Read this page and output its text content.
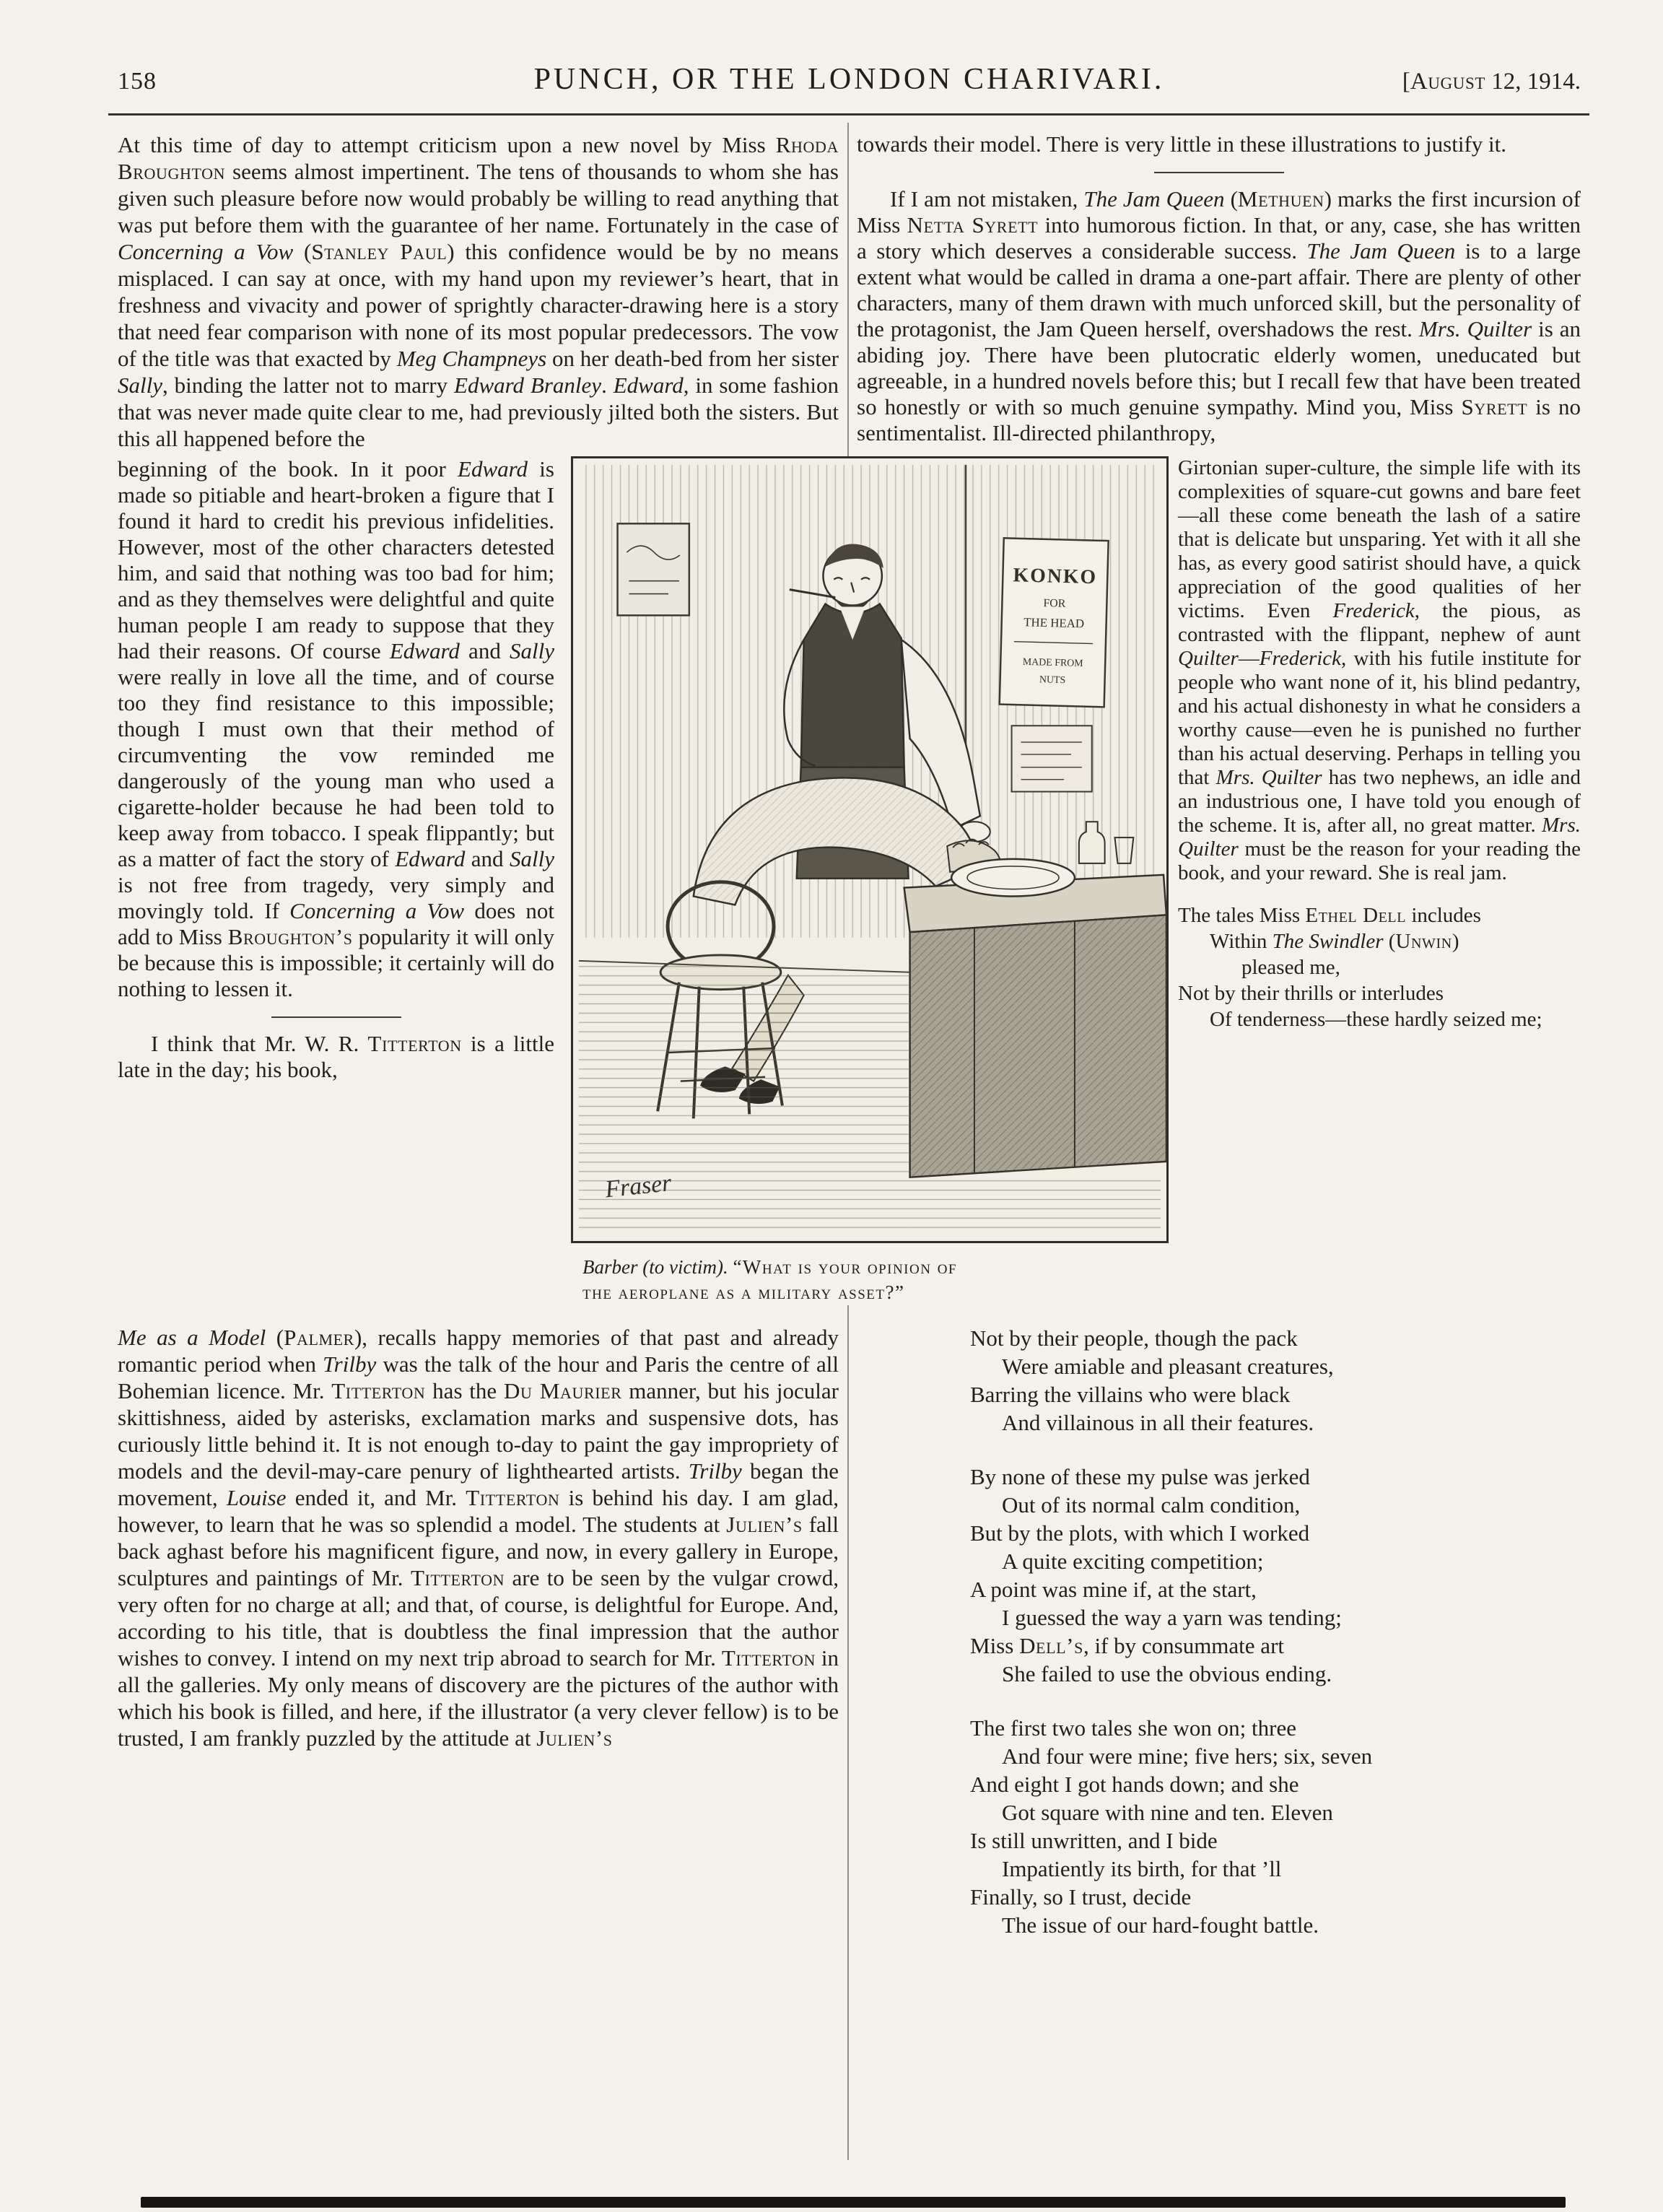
158	PUNCH, OR THE LONDON CHARIVARI.	[August 12, 1914.

At this time of day to attempt criticism upon a new novel by Miss Rhoda Broughton seems almost impertinent. The tens of thousands to whom she has given such pleasure before now would probably be willing to read anything that was put before them with the guarantee of her name. Fortunately in the case of Concerning a Vow (Stanley Paul) this confidence would be by no means misplaced. I can say at once, with my hand upon my reviewer’s heart, that in freshness and vivacity and power of sprightly character-drawing here is a story that need fear comparison with none of its most popular predecessors. The vow of the title was that exacted by Meg Champneys on her death-bed from her sister Sally, binding the latter not to marry Edward Branley. Edward, in some fashion that was never made quite clear to me, had previously jilted both the sisters. But this all happened before the

towards their model. There is very little in these illustrations to justify it.

If I am not mistaken, The Jam Queen (Methuen) marks the first incursion of Miss Netta Syrett into humorous fiction. In that, or any, case, she has written a story which deserves a considerable success. The Jam Queen is to a large extent what would be called in drama a one-part affair. There are plenty of other characters, many of them drawn with much unforced skill, but the personality of the protagonist, the Jam Queen herself, overshadows the rest. Mrs. Quilter is an abiding joy. There have been plutocratic elderly women, uneducated but agreeable, in a hundred novels before this; but I recall few that have been treated so honestly or with so much genuine sympathy. Mind you, Miss Syrett is no sentimentalist. Ill-directed philanthropy,

beginning of the book. In it poor Edward is made so pitiable and heart-broken a figure that I found it hard to credit his previous infidelities. However, most of the other characters detested him, and said that nothing was too bad for him; and as they themselves were delightful and quite human people I am ready to suppose that they had their reasons. Of course Edward and Sally were really in love all the time, and of course too they find resistance to this impossible; though I must own that their method of circumventing the vow reminded me dangerously of the young man who used a cigarette-holder because he had been told to keep away from tobacco. I speak flippantly; but as a matter of fact the story of Edward and Sally is not free from tragedy, very simply and movingly told. If Concerning a Vow does not add to Miss Broughton’s popularity it will only be because this is impossible; it certainly will do nothing to lessen it.

I think that Mr. W. R. Titterton is a little late in the day; his book,

KONKO
FOR
THE HEAD
MADE FROM
NUTS
Fraser
Barber (to victim). “What is your opinion of
the aeroplane as a military asset?”

Girtonian super-culture, the simple life with its complexities of square-cut gowns and bare feet—all these come beneath the lash of a satire that is delicate but unsparing. Yet with it all she has, as every good satirist should have, a quick appreciation of the good qualities of her victims. Even Frederick, the pious, as contrasted with the flippant, nephew of aunt Quilter—Frederick, with his futile institute for people who want none of it, his blind pedantry, and his actual dishonesty in what he considers a worthy cause—even he is punished no further than his actual deserving. Perhaps in telling you that Mrs. Quilter has two nephews, an idle and an industrious one, I have told you enough of the scheme. It is, after all, no great matter. Mrs. Quilter must be the reason for your reading the book, and your reward. She is real jam.

The tales Miss Ethel Dell includes
Within The Swindler (Unwin)
pleased me,
Not by their thrills or interludes
Of tenderness—these hardly seized me;

Me as a Model (Palmer), recalls happy memories of that past and already romantic period when Trilby was the talk of the hour and Paris the centre of all Bohemian licence. Mr. Titterton has the Du Maurier manner, but his jocular skittishness, aided by asterisks, exclamation marks and suspensive dots, has curiously little behind it. It is not enough to-day to paint the gay impropriety of models and the devil-may-care penury of lighthearted artists. Trilby began the movement, Louise ended it, and Mr. Titterton is behind his day. I am glad, however, to learn that he was so splendid a model. The students at Julien’s fall back aghast before his magnificent figure, and now, in every gallery in Europe, sculptures and paintings of Mr. Titterton are to be seen by the vulgar crowd, very often for no charge at all; and that, of course, is delightful for Europe. And, according to his title, that is doubtless the final impression that the author wishes to convey. I intend on my next trip abroad to search for Mr. Titterton in all the galleries. My only means of discovery are the pictures of the author with which his book is filled, and here, if the illustrator (a very clever fellow) is to be trusted, I am frankly puzzled by the attitude at Julien’s

Not by their people, though the pack
Were amiable and pleasant creatures,
Barring the villains who were black
And villainous in all their features.
By none of these my pulse was jerked
Out of its normal calm condition,
But by the plots, with which I worked
A quite exciting competition;
A point was mine if, at the start,
I guessed the way a yarn was tending;
Miss Dell’s, if by consummate art
She failed to use the obvious ending.
The first two tales she won on; three
And four were mine; five hers; six, seven
And eight I got hands down; and she
Got square with nine and ten. Eleven
Is still unwritten, and I bide
Impatiently its birth, for that ’ll
Finally, so I trust, decide
The issue of our hard-fought battle.
